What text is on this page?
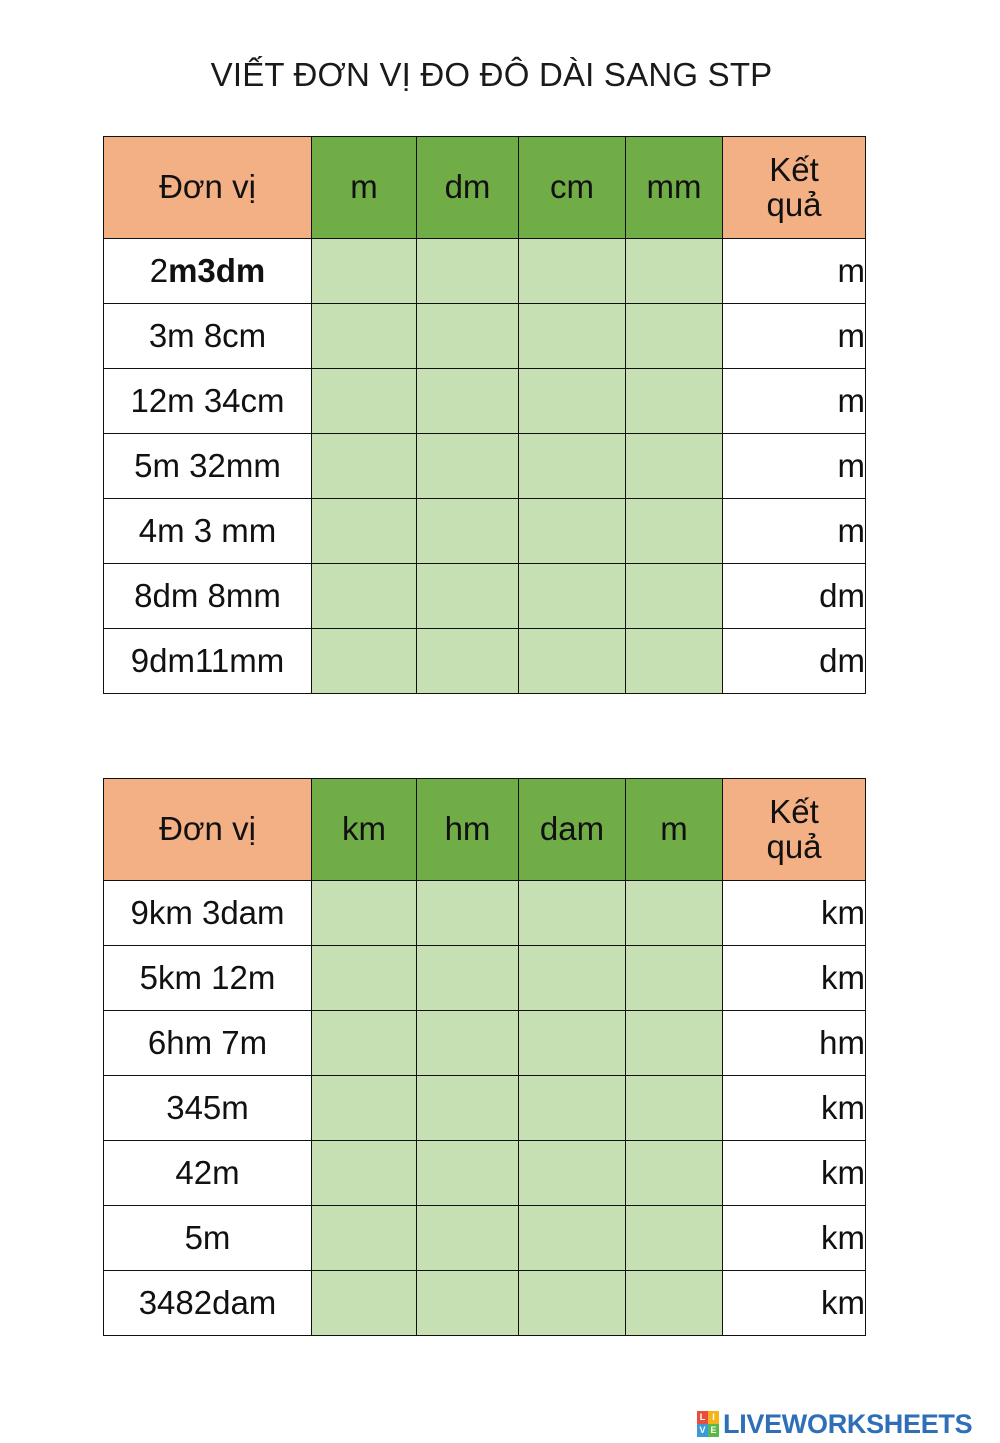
VIẾT ĐƠN VỊ ĐO ĐÔ DÀI SANG STP
Đơn vị	m	dm	cm	mm	Kết
quả
2m3dm					m
3m 8cm					m
12m 34cm					m
5m 32mm					m
4m 3 mm					m
8dm 8mm					dm
9dm11mm					dm
Đơn vị	km	hm	dam	m	Kết
quả
9km 3dam					km
5km 12m					km
6hm 7m					hm
345m					km
42m					km
5m					km
3482dam					km
L I
V E LIVEWORKSHEETS
